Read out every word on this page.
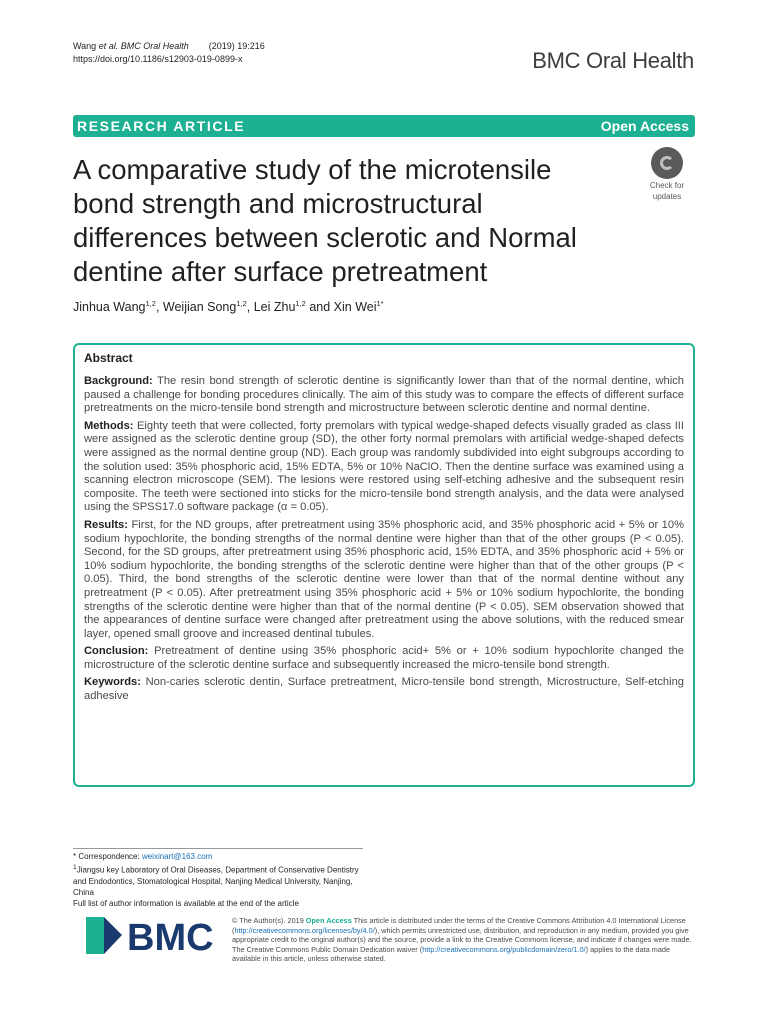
Wang et al. BMC Oral Health (2019) 19:216
https://doi.org/10.1186/s12903-019-0899-x	BMC Oral Health
RESEARCH ARTICLE	Open Access
A comparative study of the microtensile bond strength and microstructural differences between sclerotic and Normal dentine after surface pretreatment
Check for
updates
Jinhua Wang$^{1,2}$, Weijian Song$^{1,2}$, Lei Zhu$^{1,2}$ and Xin Wei$^{1*}$
Abstract

Background: The resin bond strength of sclerotic dentine is significantly lower than that of the normal dentine, which paused a challenge for bonding procedures clinically. The aim of this study was to compare the effects of different surface pretreatments on the micro-tensile bond strength and microstructure between sclerotic dentine and normal dentine.

Methods: Eighty teeth that were collected, forty premolars with typical wedge-shaped defects visually graded as class III were assigned as the sclerotic dentine group (SD), the other forty normal premolars with artificial wedge-shaped defects were assigned as the normal dentine group (ND). Each group was randomly subdivided into eight subgroups according to the solution used: 35% phosphoric acid, 15% EDTA, 5% or 10% NaClO. Then the dentine surface was examined using a scanning electron microscope (SEM). The lesions were restored using self-etching adhesive and the subsequent resin composite. The teeth were sectioned into sticks for the micro-tensile bond strength analysis, and the data were analysed using the SPSS17.0 software package (α = 0.05).

Results: First, for the ND groups, after pretreatment using 35% phosphoric acid, and 35% phosphoric acid + 5% or 10% sodium hypochlorite, the bonding strengths of the normal dentine were higher than that of the other groups (P < 0.05). Second, for the SD groups, after pretreatment using 35% phosphoric acid, 15% EDTA, and 35% phosphoric acid + 5% or 10% sodium hypochlorite, the bonding strengths of the sclerotic dentine were higher than that of the other groups (P < 0.05). Third, the bond strengths of the sclerotic dentine were lower than that of the normal dentine without any pretreatment (P < 0.05). After pretreatment using 35% phosphoric acid + 5% or 10% sodium hypochlorite, the bonding strengths of the sclerotic dentine were higher than that of the normal dentine (P < 0.05). SEM observation showed that the appearances of dentine surface were changed after pretreatment using the above solutions, with the reduced smear layer, opened small groove and increased dentinal tubules.

Conclusion: Pretreatment of dentine using 35% phosphoric acid+ 5% or + 10% sodium hypochlorite changed the microstructure of the sclerotic dentine surface and subsequently increased the micro-tensile bond strength.

Keywords: Non-caries sclerotic dentin, Surface pretreatment, Micro-tensile bond strength, Microstructure, Self-etching adhesive

* Correspondence: weixinart@163.com
$^1$Jiangsu key Laboratory of Oral Diseases, Department of Conservative Dentistry and Endodontics, Stomatological Hospital, Nanjing Medical University, Nanjing, China
Full list of author information is available at the end of the article
BMC	© The Author(s). 2019 Open Access This article is distributed under the terms of the Creative Commons Attribution 4.0 International License (http://creativecommons.org/licenses/by/4.0/), which permits unrestricted use, distribution, and reproduction in any medium, provided you give appropriate credit to the original author(s) and the source, provide a link to the Creative Commons license, and indicate if changes were made. The Creative Commons Public Domain Dedication waiver (http://creativecommons.org/publicdomain/zero/1.0/) applies to the data made available in this article, unless otherwise stated.
